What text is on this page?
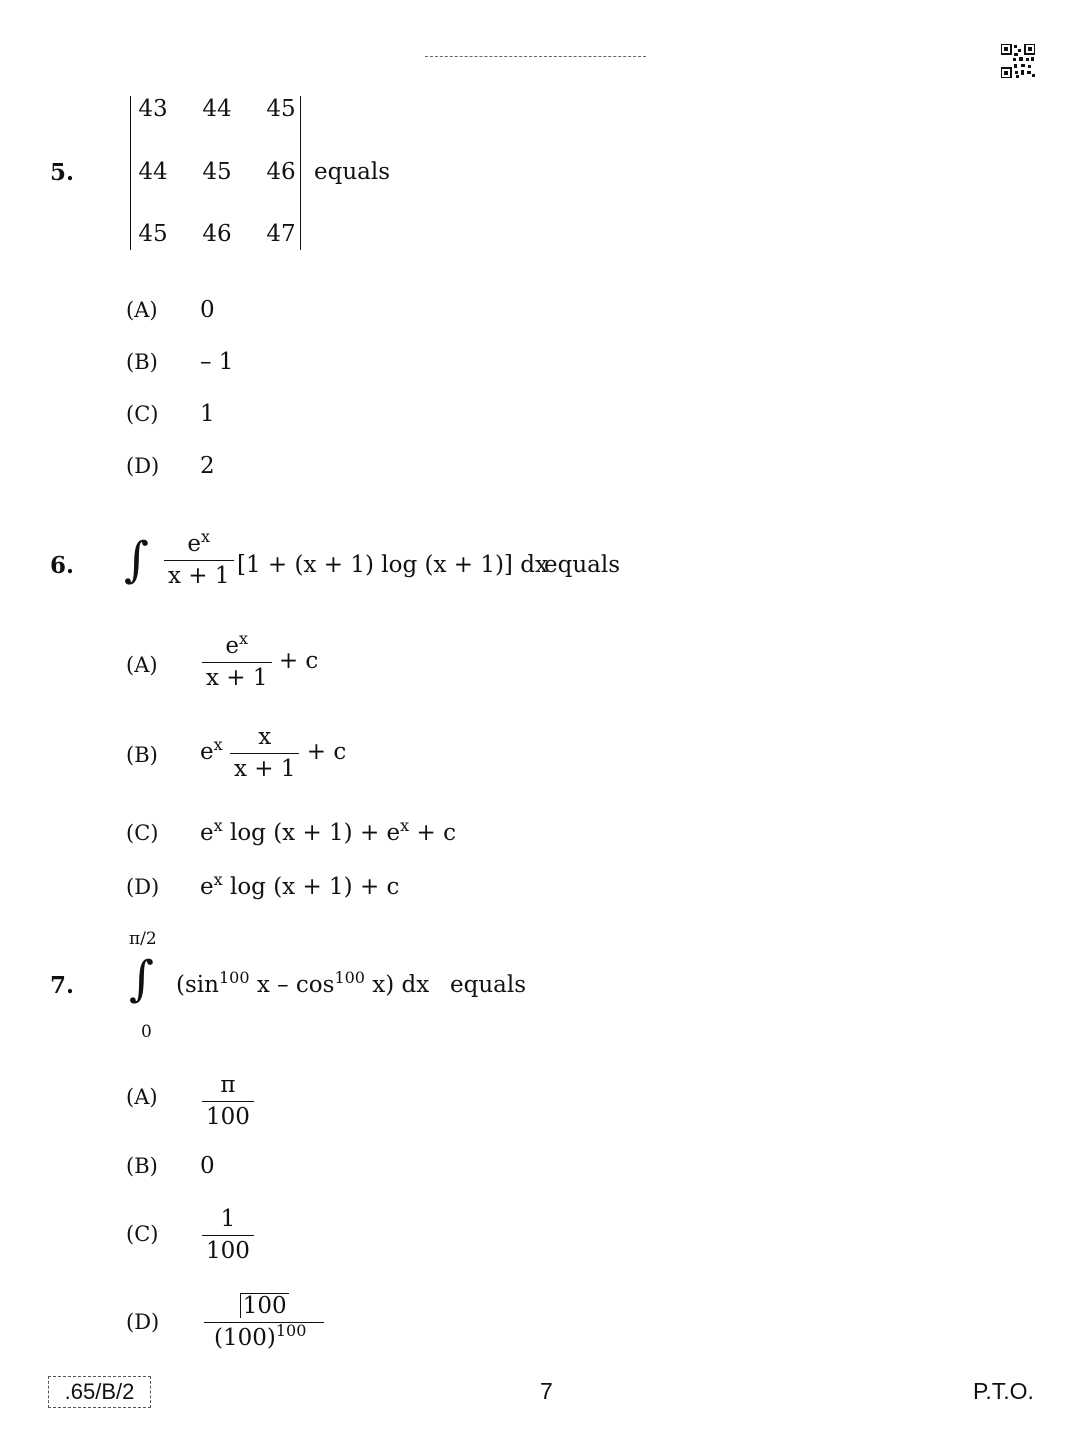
5.
43 44 45
44 45 46
45 46 47
equals
(A) 0
(B) – 1
(C) 1
(D) 2
6. ∫ $\frac{e^x}{x + 1} [1 + (x + 1)$ log (x + 1)] dx
equals
$(A) \frac{e^x}{x + 1} + c$
(B) $e^x \frac{x}{x + 1} + c$
(C) $e^x$ $\log (x + 1) + e^x + c$
(D) $e^x$ log (x + 1) + c
7.
π/2
∫
0
($\sin^{100}$ x – $\cos^{100} x$) dx equals
$(A) \frac{\pi}{100}$
(B) 0
$(C) \frac{1}{100}$
$(D) \frac{100}{(100)^{100}}$
.65/B/2	7	P.T.O.
